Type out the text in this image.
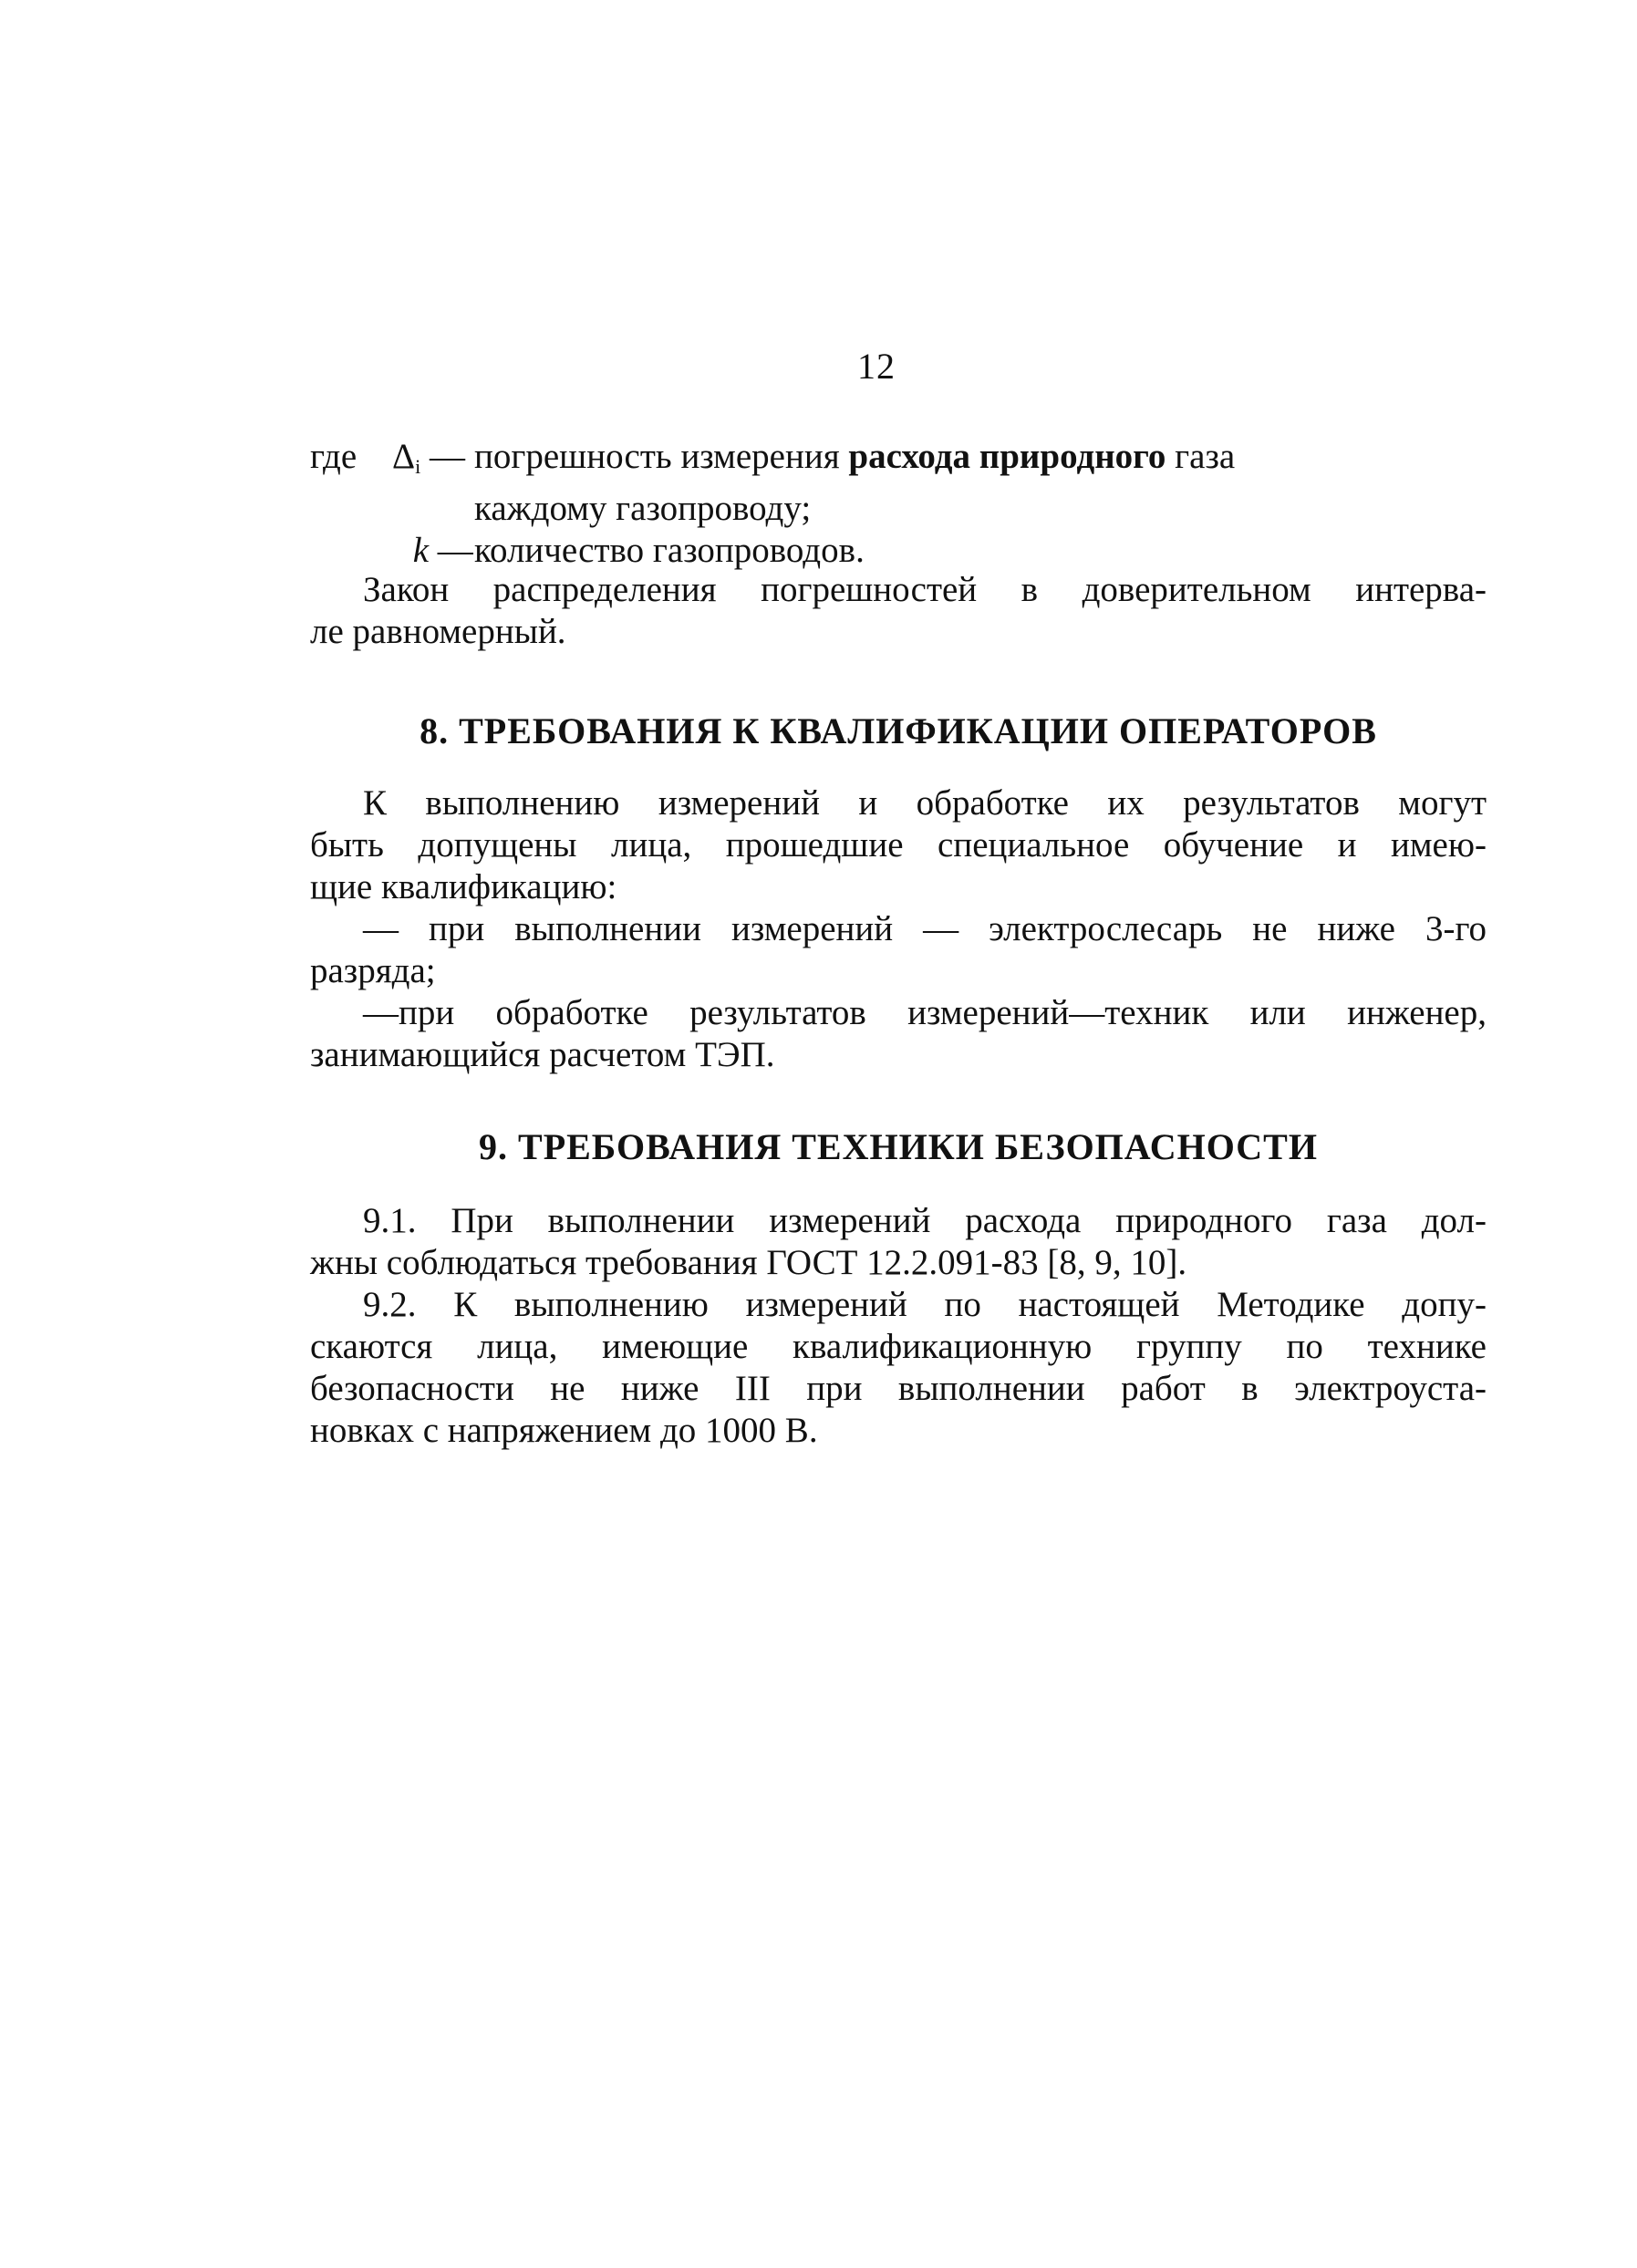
12
где $\Delta_i$ — погрешность измерения расхода природного газа
каждому газопроводу;
k — количество газопроводов.
Закон распределения погрешностей в доверительном интерва-
ле равномерный.
8. ТРЕБОВАНИЯ К КВАЛИФИКАЦИИ ОПЕРАТОРОВ
К выполнению измерений и обработке их результатов могут
быть допущены лица, прошедшие специальное обучение и имею-
щие квалификацию:
— при выполнении измерений — электрослесарь не ниже 3-го
разряда;
—при обработке результатов измерений—техник или инженер,
занимающийся расчетом ТЭП.
9. ТРЕБОВАНИЯ ТЕХНИКИ БЕЗОПАСНОСТИ
9.1. При выполнении измерений расхода природного газа дол-
жны соблюдаться требования ГОСТ 12.2.091-83 [8, 9, 10].
9.2. К выполнению измерений по настоящей Методике допу-
скаются лица, имеющие квалификационную группу по технике
безопасности не ниже III при выполнении работ в электроуста-
новках с напряжением до 1000 В.
